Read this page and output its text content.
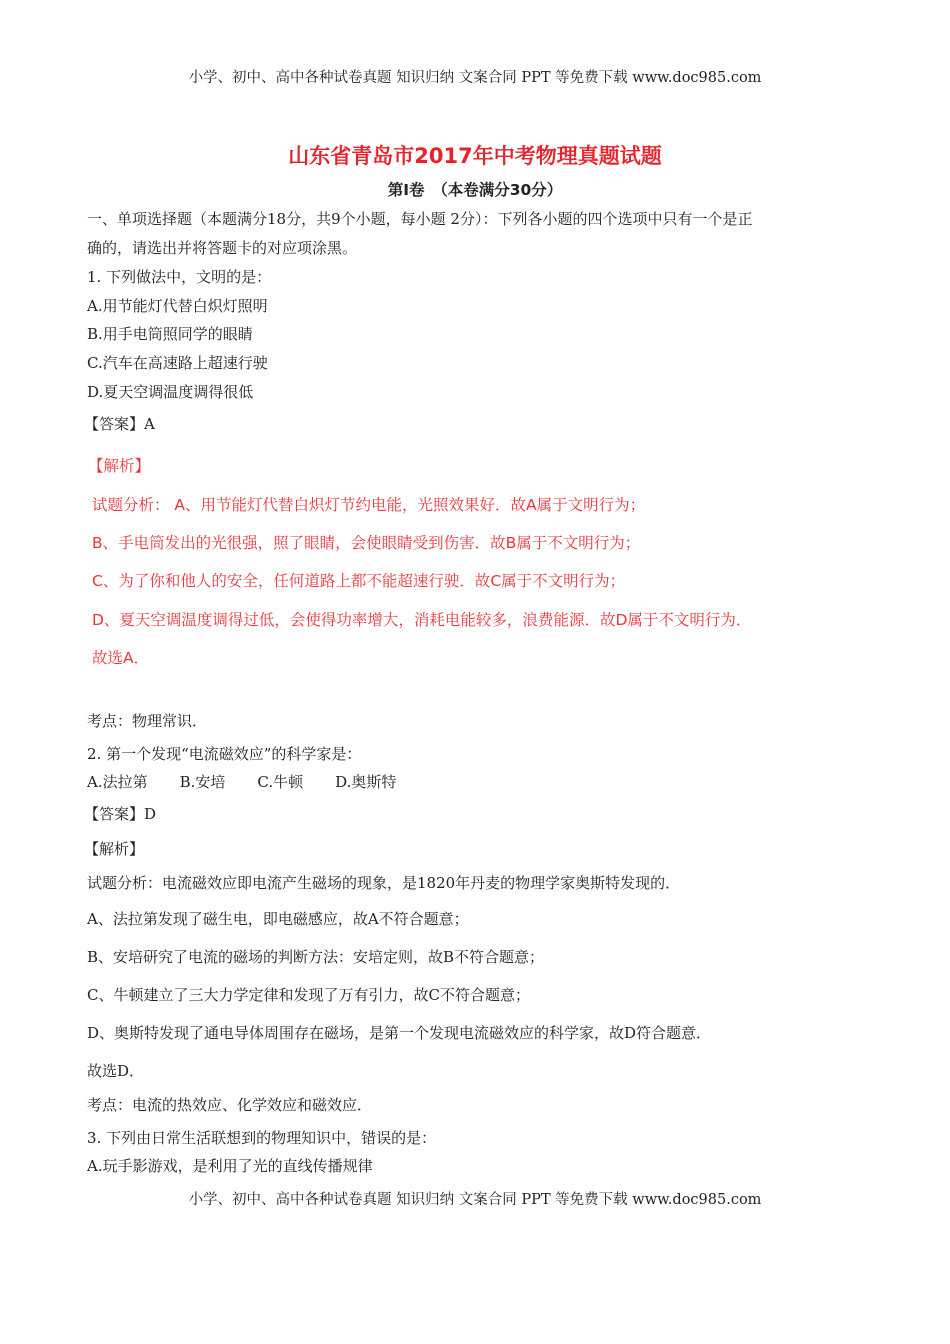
小学、初中、高中各种试卷真题 知识归纳 文案合同 PPT 等免费下载 www.doc985.com
山东省青岛市2017年中考物理真题试题
第Ⅰ卷　（本卷满分30分）
一、单项选择题（本题满分18分，共9个小题，每小题 2分）：下列各小题的四个选项中只有一个是正
确的，请选出并将答题卡的对应项涂黑。
1. 下列做法中，文明的是：
A.用节能灯代替白炽灯照明
B.用手电筒照同学的眼睛
C.汽车在高速路上超速行驶
D.夏天空调温度调得很低
【答案】A
【解析】
试题分析： A、用节能灯代替白炽灯节约电能，光照效果好．故A属于文明行为；
B、手电筒发出的光很强，照了眼睛，会使眼睛受到伤害．故B属于不文明行为；
C、为了你和他人的安全，任何道路上都不能超速行驶．故C属于不文明行为；
D、夏天空调温度调得过低，会使得功率增大，消耗电能较多，浪费能源．故D属于不文明行为．
故选A．
考点：物理常识．
2. 第一个发现“电流磁效应”的科学家是：
A.法拉第 B.安培 C.牛顿 D.奥斯特
【答案】D
【解析】
试题分析：电流磁效应即电流产生磁场的现象，是1820年丹麦的物理学家奥斯特发现的．
A、法拉第发现了磁生电，即电磁感应，故A不符合题意；
B、安培研究了电流的磁场的判断方法：安培定则，故B不符合题意；
C、牛顿建立了三大力学定律和发现了万有引力，故C不符合题意；
D、奥斯特发现了通电导体周围存在磁场，是第一个发现电流磁效应的科学家，故D符合题意．
故选D．
考点：电流的热效应、化学效应和磁效应．
3. 下列由日常生活联想到的物理知识中，错误的是：
A.玩手影游戏，是利用了光的直线传播规律
小学、初中、高中各种试卷真题 知识归纳 文案合同 PPT 等免费下载 www.doc985.com
